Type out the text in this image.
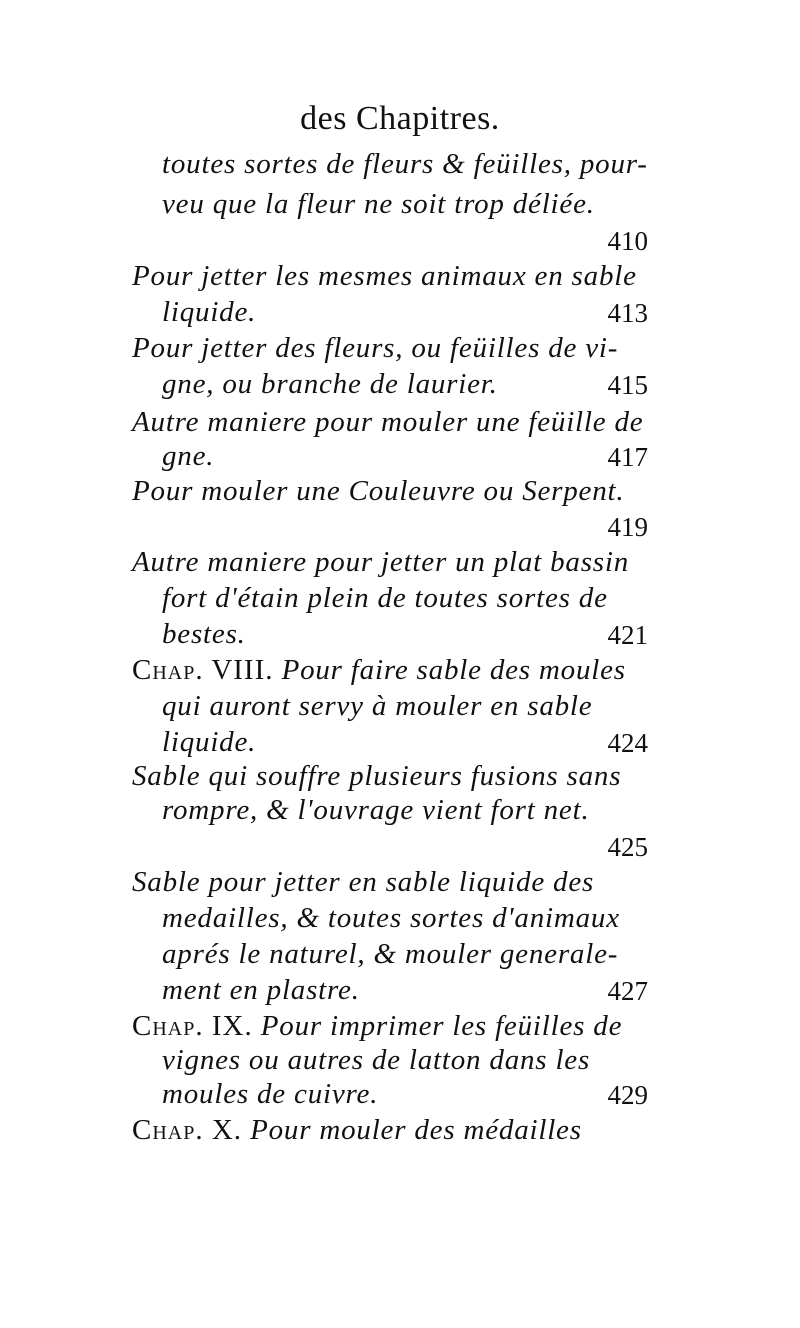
des Chapitres.
toutes sortes de fleurs & feüilles, pour-
veu que la fleur ne soit trop déliée.
410
Pour jetter les mesmes animaux en sable
liquide.	413
Pour jetter des fleurs, ou feüilles de vi-
gne, ou branche de laurier.	415
Autre maniere pour mouler une feüille de
gne.	417
Pour mouler une Couleuvre ou Serpent.
419
Autre maniere pour jetter un plat bassin
fort d'étain plein de toutes sortes de
bestes.	421
Chap. VIII. Pour faire sable des moules
qui auront servy à mouler en sable
liquide.	424
Sable qui souffre plusieurs fusions sans
rompre, & l'ouvrage vient fort net.
425
Sable pour jetter en sable liquide des
medailles, & toutes sortes d'animaux
aprés le naturel, & mouler generale-
ment en plastre.	427
Chap. IX. Pour imprimer les feüilles de
vignes ou autres de latton dans les
moules de cuivre.	429
Chap. X. Pour mouler des médailles
